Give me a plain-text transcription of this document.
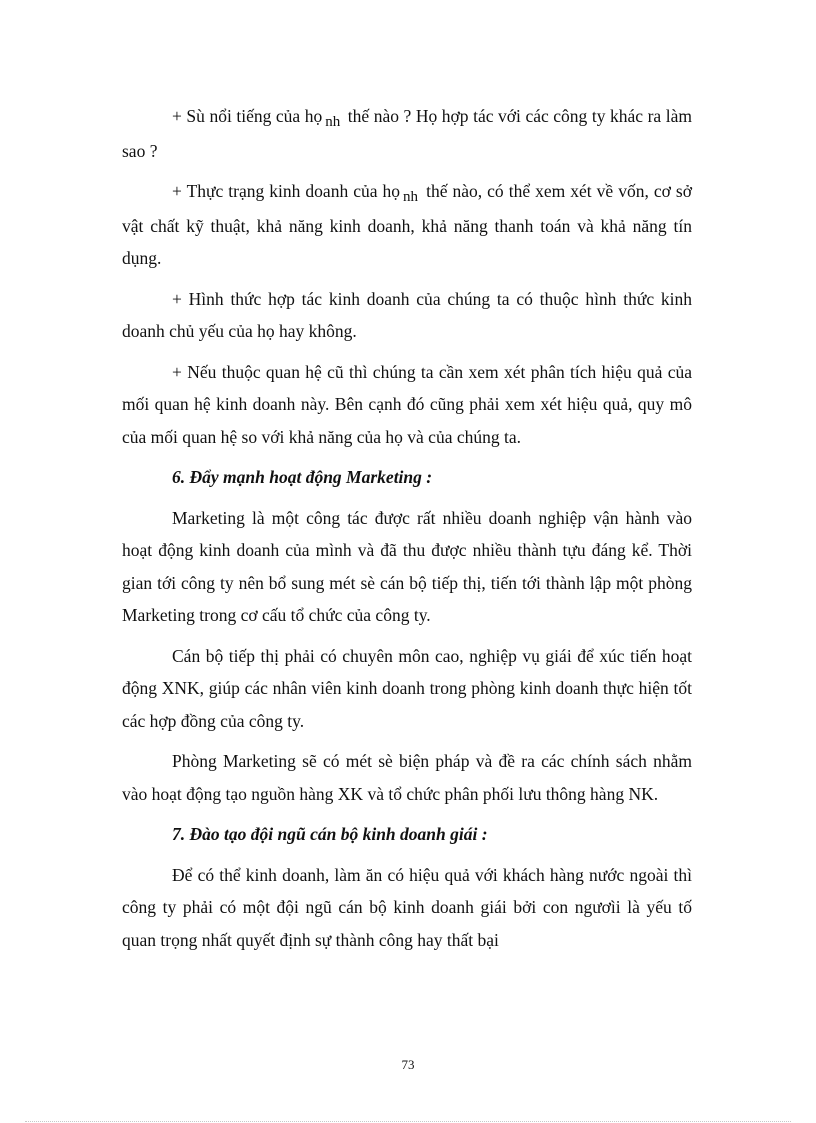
+ Sù nổi tiếng của họ nh thế nào ? Họ hợp tác với các công ty khác ra làm sao ?

+ Thực trạng kinh doanh của họ nh thế nào, có thể xem xét về vốn, cơ sở vật chất kỹ thuật, khả năng kinh doanh, khả năng thanh toán và khả năng tín dụng.

+ Hình thức hợp tác kinh doanh của chúng ta có thuộc hình thức kinh doanh chủ yếu của họ hay không.

+ Nếu thuộc quan hệ cũ thì chúng ta cần xem xét phân tích hiệu quả của mối quan hệ kinh doanh này. Bên cạnh đó cũng phải xem xét hiệu quả, quy mô của mối quan hệ so với khả năng của họ và của chúng ta.

6. Đẩy mạnh hoạt động Marketing :

Marketing là một công tác được rất nhiều doanh nghiệp vận hành vào hoạt động kinh doanh của mình và đã thu được nhiều thành tựu đáng kể. Thời gian tới công ty nên bổ sung mét sè cán bộ tiếp thị, tiến tới thành lập một phòng Marketing trong cơ cấu tổ chức của công ty.

Cán bộ tiếp thị phải có chuyên môn cao, nghiệp vụ giái để xúc tiến hoạt động XNK, giúp các nhân viên kinh doanh trong phòng kinh doanh thực hiện tốt các hợp đồng của công ty.

Phòng Marketing sẽ có mét sè biện pháp và đề ra các chính sách nhằm vào hoạt động tạo nguồn hàng XK và tổ chức phân phối lưu thông hàng NK.

7. Đào tạo đội ngũ cán bộ kinh doanh giái :

Để có thể kinh doanh, làm ăn có hiệu quả với khách hàng nước ngoài thì công ty phải có một đội ngũ cán bộ kinh doanh giái bởi con ngươìi là yếu tố quan trọng nhất quyết định sự thành công hay thất bại

73
